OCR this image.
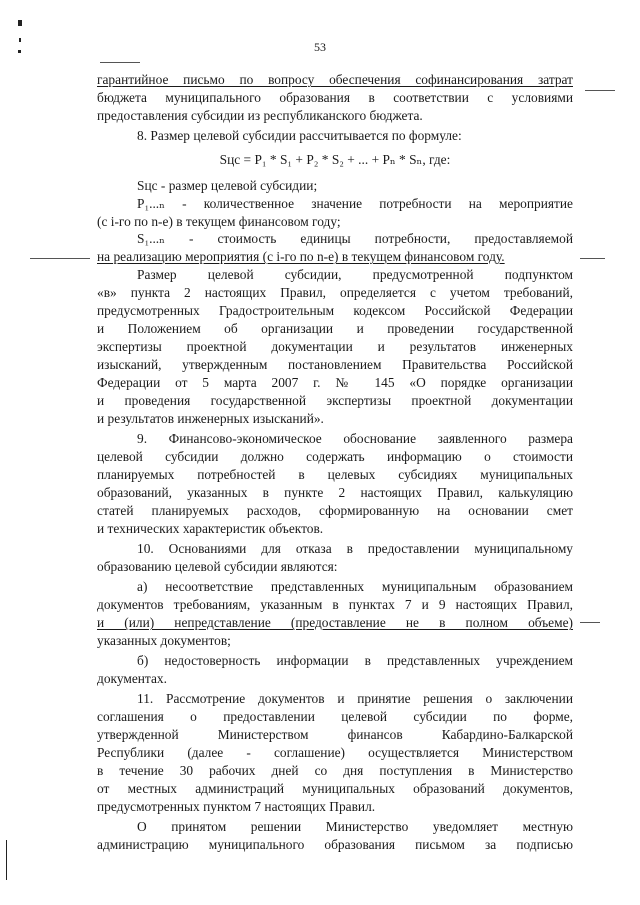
53
гарантийное письмо по вопросу обеспечения софинансирования затрат
бюджета муниципального образования в соответствии с условиями
предоставления субсидии из республиканского бюджета.
8. Размер целевой субсидии рассчитывается по формуле:
Sцс = P₁ * S₁ + P₂ * S₂ + ... + Pₙ * Sₙ, где:
Sцс - размер целевой субсидии;
P₁...ₙ - количественное значение потребности на мероприятие
(с i-го по n-е) в текущем финансовом году;
S₁...ₙ - стоимость единицы потребности, предоставляемой
на реализацию мероприятия (с i-го по n-е) в текущем финансовом году.
Размер целевой субсидии, предусмотренной подпунктом
«в» пункта 2 настоящих Правил, определяется с учетом требований,
предусмотренных Градостроительным кодексом Российской Федерации
и Положением об организации и проведении государственной
экспертизы проектной документации и результатов инженерных
изысканий, утвержденным постановлением Правительства Российской
Федерации от 5 марта 2007 г. № 145 «О порядке организации
и проведения государственной экспертизы проектной документации
и результатов инженерных изысканий».
9. Финансово-экономическое обоснование заявленного размера
целевой субсидии должно содержать информацию о стоимости
планируемых потребностей в целевых субсидиях муниципальных
образований, указанных в пункте 2 настоящих Правил, калькуляцию
статей планируемых расходов, сформированную на основании смет
и технических характеристик объектов.
10. Основаниями для отказа в предоставлении муниципальному
образованию целевой субсидии являются:
а) несоответствие представленных муниципальным образованием
документов требованиям, указанным в пунктах 7 и 9 настоящих Правил,
и (или) непредставление (предоставление не в полном объеме)
указанных документов;
б) недостоверность информации в представленных учреждением
документах.
11. Рассмотрение документов и принятие решения о заключении
соглашения о предоставлении целевой субсидии по форме,
утвержденной Министерством финансов Кабардино-Балкарской
Республики (далее - соглашение) осуществляется Министерством
в течение 30 рабочих дней со дня поступления в Министерство
от местных администраций муниципальных образований документов,
предусмотренных пунктом 7 настоящих Правил.
О принятом решении Министерство уведомляет местную
администрацию муниципального образования письмом за подписью
